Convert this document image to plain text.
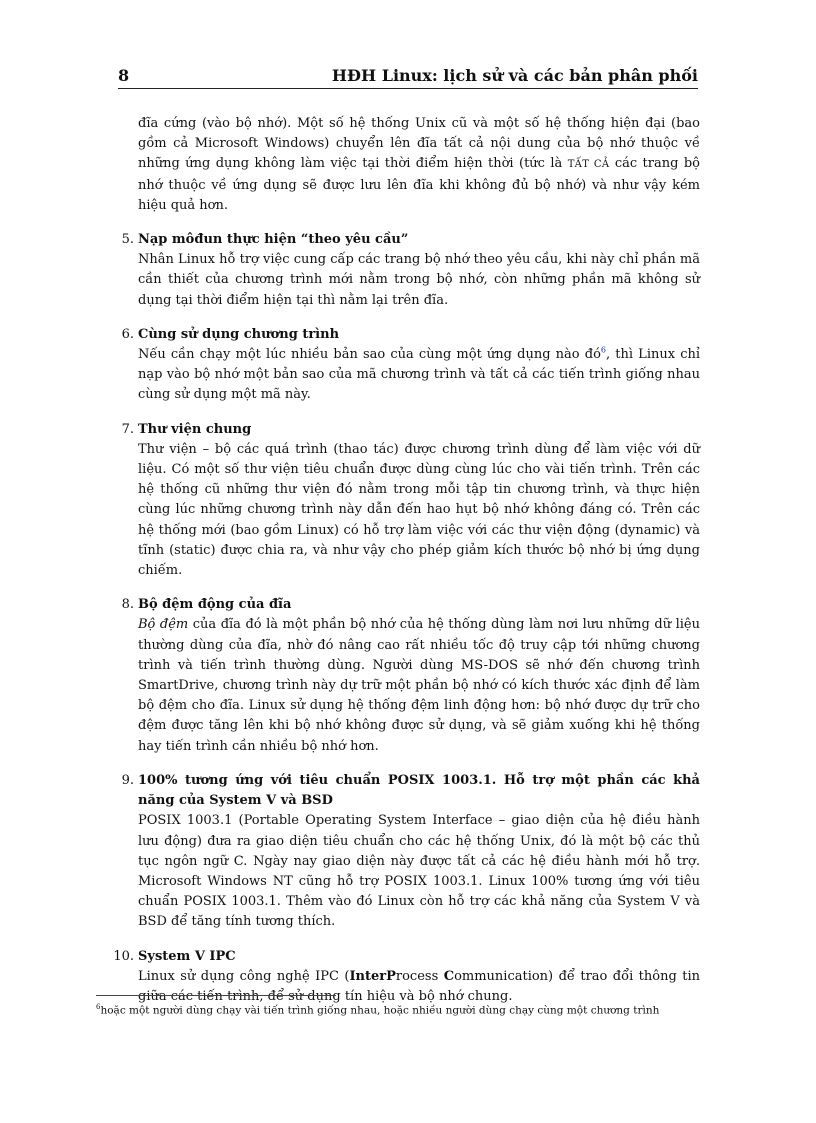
8	HĐH Linux: lịch sử và các bản phân phối

đĩa cứng (vào bộ nhớ). Một số hệ thống Unix cũ và một số hệ thống hiện đại (bao gồm cả Microsoft Windows) chuyển lên đĩa tất cả nội dung của bộ nhớ thuộc về những ứng dụng không làm việc tại thời điểm hiện thời (tức là TẤT CẢ các trang bộ nhớ thuộc về ứng dụng sẽ được lưu lên đĩa khi không đủ bộ nhớ) và như vậy kém hiệu quả hơn.

5. Nạp môđun thực hiện “theo yêu cầu”

Nhân Linux hỗ trợ việc cung cấp các trang bộ nhớ theo yêu cầu, khi này chỉ phần mã cần thiết của chương trình mới nằm trong bộ nhớ, còn những phần mã không sử dụng tại thời điểm hiện tại thì nằm lại trên đĩa.

6. Cùng sử dụng chương trình

Nếu cần chạy một lúc nhiều bản sao của cùng một ứng dụng nào đó$^6$, thì Linux chỉ nạp vào bộ nhớ một bản sao của mã chương trình và tất cả các tiến trình giống nhau cùng sử dụng một mã này.

7. Thư viện chung

Thư viện – bộ các quá trình (thao tác) được chương trình dùng để làm việc với dữ liệu. Có một số thư viện tiêu chuẩn được dùng cùng lúc cho vài tiến trình. Trên các hệ thống cũ những thư viện đó nằm trong mỗi tập tin chương trình, và thực hiện cùng lúc những chương trình này dẫn đến hao hụt bộ nhớ không đáng có. Trên các hệ thống mới (bao gồm Linux) có hỗ trợ làm việc với các thư viện động (dynamic) và tĩnh (static) được chia ra, và như vậy cho phép giảm kích thước bộ nhớ bị ứng dụng chiếm.

8. Bộ đệm động của đĩa

Bộ đệm của đĩa đó là một phần bộ nhớ của hệ thống dùng làm nơi lưu những dữ liệu thường dùng của đĩa, nhờ đó nâng cao rất nhiều tốc độ truy cập tới những chương trình và tiến trình thường dùng. Người dùng MS-DOS sẽ nhớ đến chương trình SmartDrive, chương trình này dự trữ một phần bộ nhớ có kích thước xác định để làm bộ đệm cho đĩa. Linux sử dụng hệ thống đệm linh động hơn: bộ nhớ được dự trữ cho đệm được tăng lên khi bộ nhớ không được sử dụng, và sẽ giảm xuống khi hệ thống hay tiến trình cần nhiều bộ nhớ hơn.

9. 100% tương ứng với tiêu chuẩn POSIX 1003.1. Hỗ trợ một phần các khả năng của System V và BSD

POSIX 1003.1 (Portable Operating System Interface – giao diện của hệ điều hành lưu động) đưa ra giao diện tiêu chuẩn cho các hệ thống Unix, đó là một bộ các thủ tục ngôn ngữ C. Ngày nay giao diện này được tất cả các hệ điều hành mới hỗ trợ. Microsoft Windows NT cũng hỗ trợ POSIX 1003.1. Linux 100% tương ứng với tiêu chuẩn POSIX 1003.1. Thêm vào đó Linux còn hỗ trợ các khả năng của System V và BSD để tăng tính tương thích.

10. System V IPC

Linux sử dụng công nghệ IPC (InterProcess Communication) để trao đổi thông tin giữa các tiến trình, để sử dụng tín hiệu và bộ nhớ chung.

$^6$hoặc một người dùng chạy vài tiến trình giống nhau, hoặc nhiều người dùng chạy cùng một chương trình
